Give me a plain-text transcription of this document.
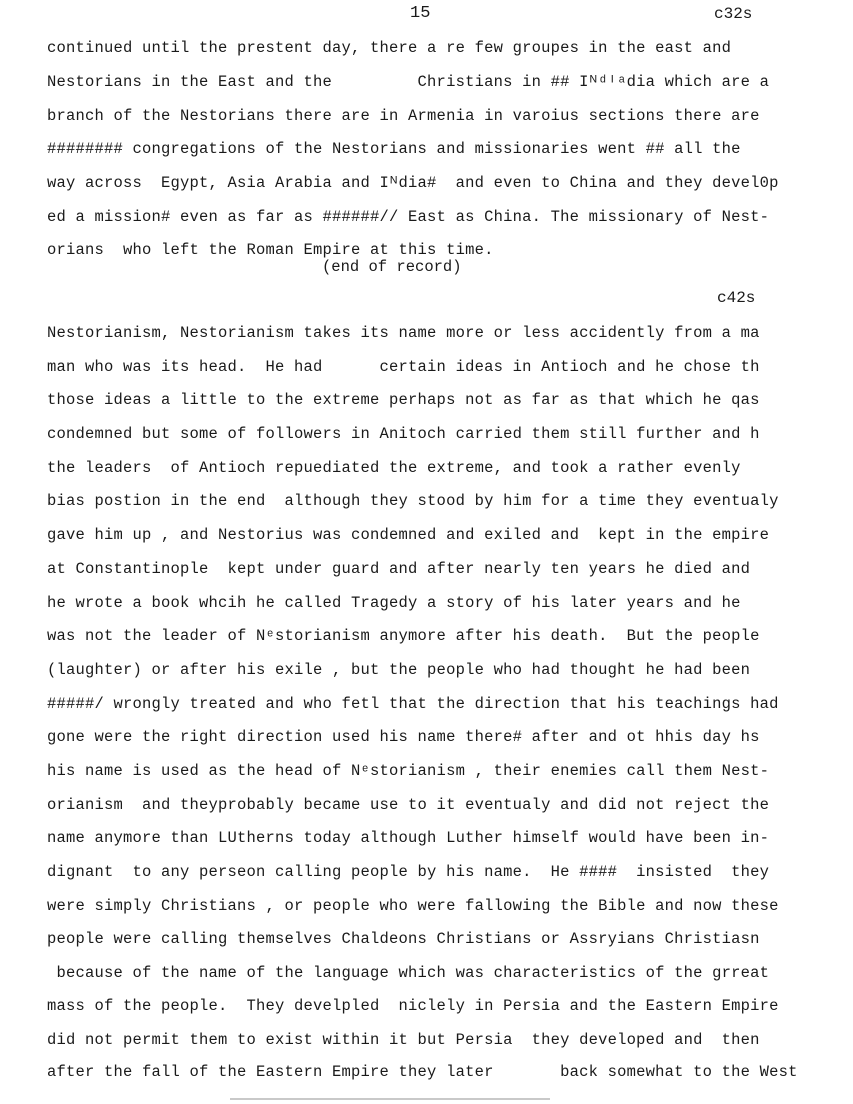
15	c32s
continued until the prestent day, there a re few groupes in the east and
Nestorians in the East and the         Christians in ## Iᴺᵈᴵᵃdia which are a
branch of the Nestorians there are in Armenia in varoius sections there are
######## congregations of the Nestorians and missionaries went ## all the
way across  Egypt, Asia Arabia and Iᴺdia#  and even to China and they devel0p
ed a mission# even as far as ######// East as China. The missionary of Nest-
orians  who left the Roman Empire at this time.
(end of record)
c42s
Nestorianism, Nestorianism takes its name more or less accidently from a ma
man who was its head.  He had      certain ideas in Antioch and he chose th
those ideas a little to the extreme perhaps not as far as that which he qas
condemned but some of followers in Anitoch carried them still further and h
the leaders  of Antioch repuediated the extreme, and took a rather evenly
bias postion in the end  although they stood by him for a time they eventualy
gave him up , and Nestorius was condemned and exiled and  kept in the empire
at Constantinople  kept under guard and after nearly ten years he died and
he wrote a book whcih he called Tragedy a story of his later years and he
was not the leader of Nᵉstorianism anymore after his death.  But the people
(laughter) or after his exile , but the people who had thought he had been
#####/ wrongly treated and who fetl that the direction that his teachings had
gone were the right direction used his name there# after and ot hhis day hs
his name is used as the head of Nᵉstorianism , their enemies call them Nest-
orianism  and theyprobably became use to it eventualy and did not reject the
name anymore than LUtherns today although Luther himself would have been in-
dignant  to any perseon calling people by his name.  He ####  insisted  they
were simply Christians , or people who were fallowing the Bible and now these
people were calling themselves Chaldeons Christians or Assryians Christiasn
because of the name of the language which was characteristics of the grreat
mass of the people.  They develpled  niclely in Persia and the Eastern Empire
did not permit them to exist within it but Persia  they developed and  then
after the fall of the Eastern Empire they later       back somewhat to the West
